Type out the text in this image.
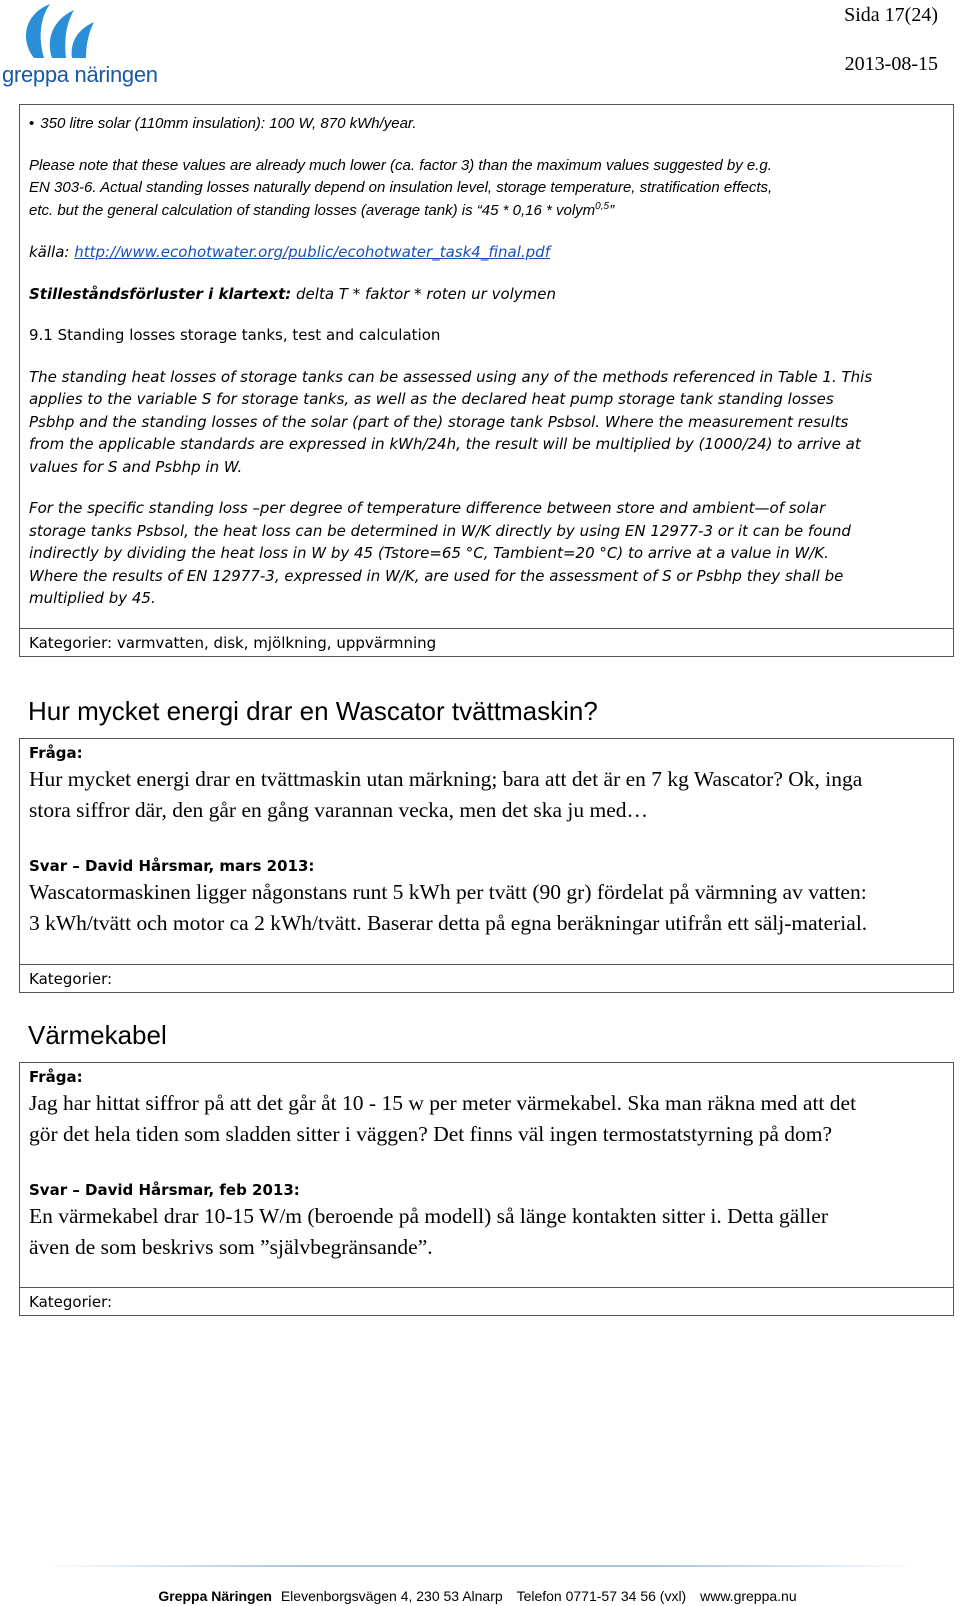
greppa näringen
Sida 17(24)
2013-08-15

• 350 litre solar (110mm insulation): 100 W, 870 kWh/year.

Please note that these values are already much lower (ca. factor 3) than the maximum values suggested by e.g.
EN 303-6. Actual standing losses naturally depend on insulation level, storage temperature, stratification effects,
etc. but the general calculation of standing losses (average tank) is “45 * 0,16 * volym$^{0,5}$”

källa: http://www.ecohotwater.org/public/ecohotwater_task4_final.pdf

Stilleståndsförluster i klartext: delta T * faktor * roten ur volymen

9.1 Standing losses storage tanks, test and calculation

The standing heat losses of storage tanks can be assessed using any of the methods referenced in Table 1. This
applies to the variable S for storage tanks, as well as the declared heat pump storage tank standing losses
Psbhp and the standing losses of the solar (part of the) storage tank Psbsol. Where the measurement results
from the applicable standards are expressed in kWh/24h, the result will be multiplied by (1000/24) to arrive at
values for S and Psbhp in W.

For the specific standing loss –per degree of temperature difference between store and ambient—of solar
storage tanks Psbsol, the heat loss can be determined in W/K directly by using EN 12977-3 or it can be found
indirectly by dividing the heat loss in W by 45 (Tstore=65 °C, Tambient=20 °C) to arrive at a value in W/K.
Where the results of EN 12977-3, expressed in W/K, are used for the assessment of S or Psbhp they shall be
multiplied by 45.

Kategorier: varmvatten, disk, mjölkning, uppvärmning
Hur mycket energi drar en Wascator tvättmaskin?
Fråga:
Hur mycket energi drar en tvättmaskin utan märkning; bara att det är en 7 kg Wascator? Ok, inga
stora siffror där, den går en gång varannan vecka, men det ska ju med…
Svar – David Hårsmar, mars 2013:
Wascatormaskinen ligger någonstans runt 5 kWh per tvätt (90 gr) fördelat på värmning av vatten:
3 kWh/tvätt och motor ca 2 kWh/tvätt. Baserar detta på egna beräkningar utifrån ett sälj-material.
Kategorier:
Värmekabel
Fråga:
Jag har hittat siffror på att det går åt 10 - 15 w per meter värmekabel. Ska man räkna med att det
gör det hela tiden som sladden sitter i väggen? Det finns väl ingen termostatstyrning på dom?
Svar – David Hårsmar, feb 2013:
En värmekabel drar 10-15 W/m (beroende på modell) så länge kontakten sitter i. Detta gäller
även de som beskrivs som ”självbegränsande”.
Kategorier:
Greppa Näringen Elevenborgsvägen 4, 230 53 Alnarp Telefon 0771-57 34 56 (vxl) www.greppa.nu
